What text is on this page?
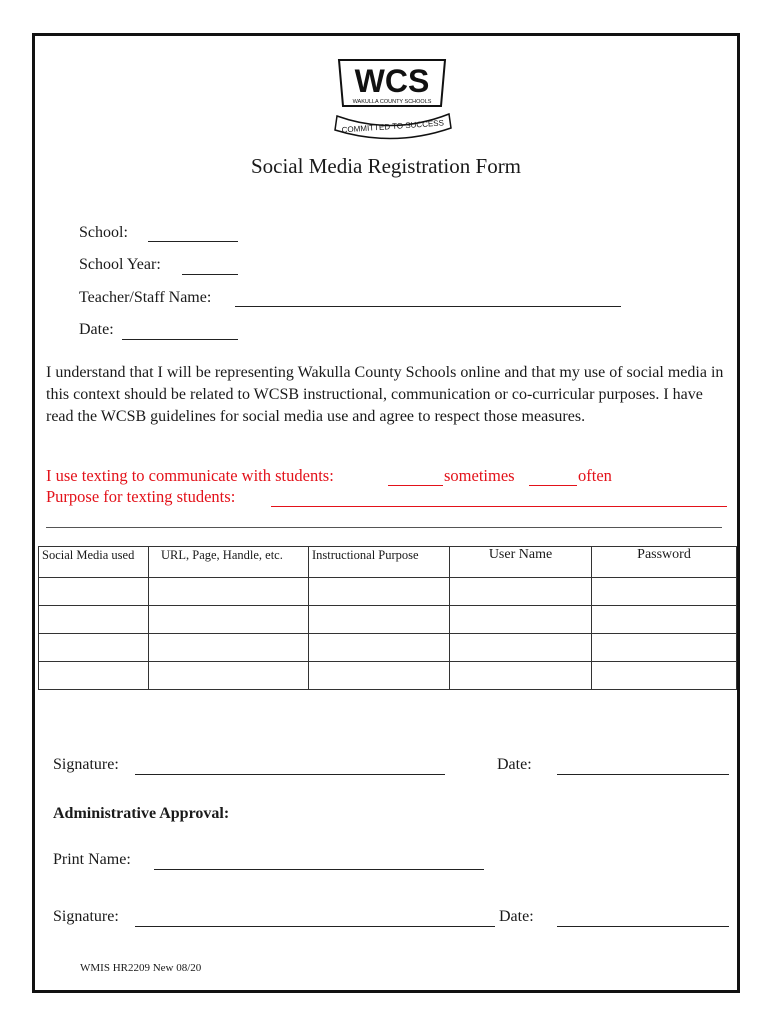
WCS
WAKULLA COUNTY SCHOOLS
COMMITTED TO SUCCESS
Social Media Registration Form
School:
School Year:
Teacher/Staff Name:
Date:
I understand that I will be representing Wakulla County Schools online and that my use of social media in this context should be related to WCSB instructional, communication or co-curricular purposes. I have read the WCSB guidelines for social media use and agree to respect those measures.
I use texting to communicate with students:	sometimes	often
Purpose for texting students:
Social Media used	URL, Page, Handle, etc.	Instructional Purpose	User Name	Password

Signature:	Date:
Administrative Approval:
Print Name:
Signature:	Date:
WMIS HR2209 New 08/20
